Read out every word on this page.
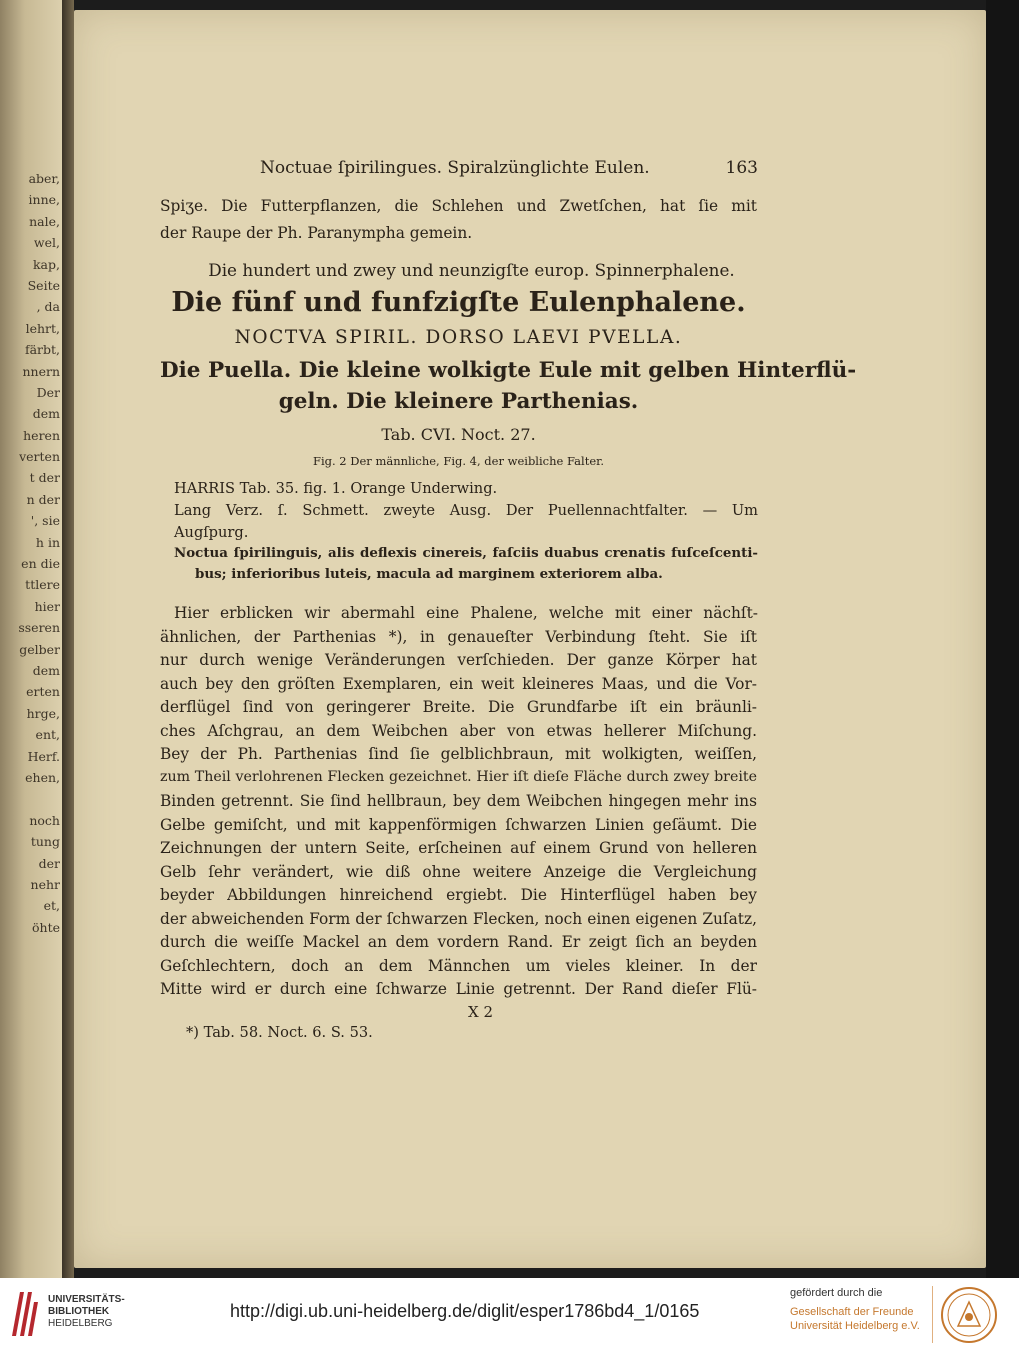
aber,
inne,
nale,
wel,
kap,
Seite
, da
lehrt,
färbt,
nnern
Der
dem
heren
verten
t der
n der
', sie
h in
en die
ttlere
hier
sseren
gelber
dem
erten
hrge,
ent,
Herf.
ehen,
noch
tung
der
nehr
et,
öhte
Noctuae ſpirilingues. Spiralzünglichte Eulen.	163
Spiʒe. Die Futterpflanzen, die Schlehen und Zwetſchen, hat ſie mit
der Raupe der Ph. Paranympha gemein.
Die hundert und zwey und neunzigſte europ. Spinnerphalene.
Die fünf und funfzigſte Eulenphalene.
NOCTVA SPIRIL. DORSO LAEVI PVELLA.
Die Puella. Die kleine wolkigte Eule mit gelben Hinterflü-
geln. Die kleinere Parthenias.
Tab. CVI. Noct. 27.
Fig. 2 Der männliche, Fig. 4, der weibliche Falter.
HARRIS Tab. 35. fig. 1. Orange Underwing.
Lang Verz. ſ. Schmett. zweyte Ausg. Der Puellennachtfalter. — Um
Augſpurg.
Noctua ſpirilinguis, alis deflexis cinereis, faſciis duabus crenatis fuſceſcenti-
bus; inferioribus luteis, macula ad marginem exteriorem alba.
Hier erblicken wir abermahl eine Phalene, welche mit einer nächſt-
ähnlichen, der Parthenias *), in genaueſter Verbindung ſteht. Sie iſt
nur durch wenige Veränderungen verſchieden. Der ganze Körper hat
auch bey den gröſten Exemplaren, ein weit kleineres Maas, und die Vor-
derflügel ſind von geringerer Breite. Die Grundfarbe iſt ein bräunli-
ches Aſchgrau, an dem Weibchen aber von etwas hellerer Miſchung.
Bey der Ph. Parthenias ſind ſie gelblichbraun, mit wolkigten, weiſſen,
zum Theil verlohrenen Flecken gezeichnet. Hier iſt dieſe Fläche durch zwey breite
Binden getrennt. Sie ſind hellbraun, bey dem Weibchen hingegen mehr ins
Gelbe gemiſcht, und mit kappenförmigen ſchwarzen Linien geſäumt. Die
Zeichnungen der untern Seite, erſcheinen auf einem Grund von helleren
Gelb ſehr verändert, wie diß ohne weitere Anzeige die Vergleichung
beyder Abbildungen hinreichend ergiebt. Die Hinterflügel haben bey
der abweichenden Form der ſchwarzen Flecken, noch einen eigenen Zuſatz,
durch die weiſſe Mackel an dem vordern Rand. Er zeigt ſich an beyden
Geſchlechtern, doch an dem Männchen um vieles kleiner. In der
Mitte wird er durch eine ſchwarze Linie getrennt. Der Rand dieſer Flü-
X 2
*) Tab. 58. Noct. 6. S. 53.
UNIVERSITÄTS-
BIBLIOTHEK
HEIDELBERG
http://digi.ub.uni-heidelberg.de/diglit/esper1786bd4_1/0165
gefördert durch die
Gesellschaft der Freunde
Universität Heidelberg e.V.
